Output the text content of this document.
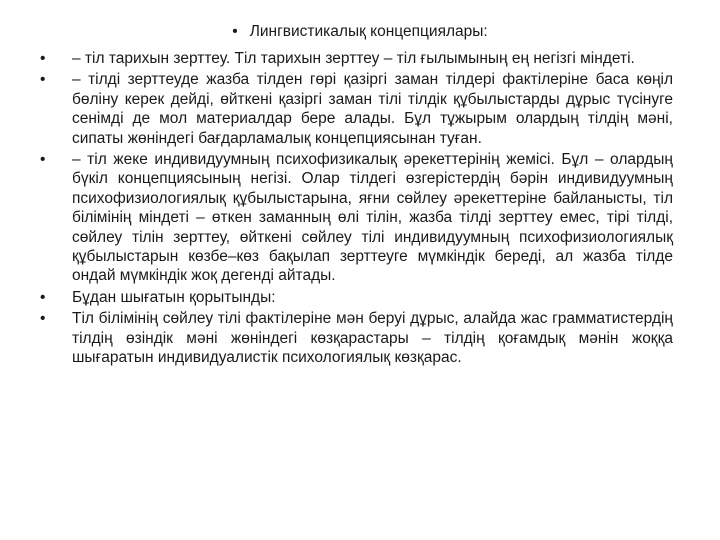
• Лингвистикалық концепциялары:
• – тіл тарихын зерттеу. Тіл тарихын зерттеу – тіл ғылымының ең негізгі міндеті.
• – тілді зерттеуде жазба тілден гөрі қазіргі заман тілдері фактілеріне баса көңіл бөліну керек дейді, өйткені қазіргі заман тілі тілдік құбылыстарды дұрыс түсінуге сенімді де мол материалдар бере алады. Бұл тұжырым олардың тілдің мәні, сипаты жөніндегі бағдарламалық концепциясынан туған.
• – тіл жеке индивидуумның психофизикалық әрекеттерінің жемісі. Бұл – олардың бүкіл концепциясының негізі. Олар тілдегі өзгерістердің бәрін индивидуумның психофизиологиялық құбылыстарына, яғни сөйлеу әрекеттеріне байланысты, тіл білімінің міндеті – өткен заманның өлі тілін, жазба тілді зерттеу емес, тірі тілді, сөйлеу тілін зерттеу, өйткені сөйлеу тілі индивидуумның психофизиологиялық құбылыстарын көзбе–көз бақылап зерттеуге мүмкіндік береді, ал жазба тілде ондай мүмкіндік жоқ дегенді айтады.
• Бұдан шығатын қорытынды:
• Тіл білімінің сөйлеу тілі фактілеріне мән беруі дұрыс, алайда жас грамматистердің тілдің өзіндік мәні жөніндегі көзқарастары – тілдің қоғамдық мәнін жоққа шығаратын индивидуалистік психологиялық көзқарас.
